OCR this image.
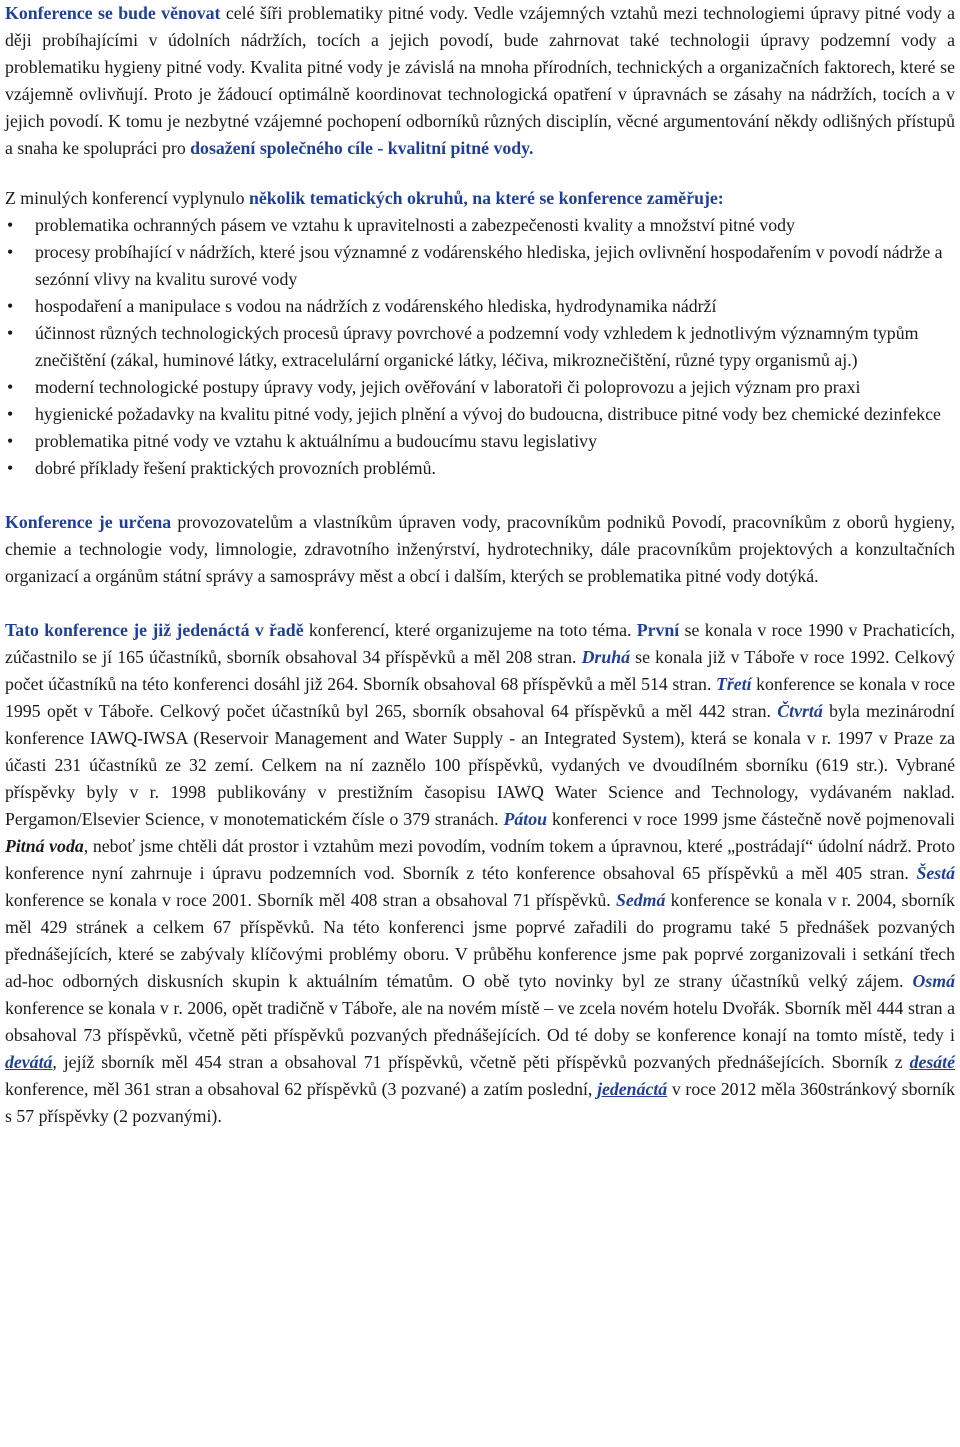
Konference se bude věnovat celé šíři problematiky pitné vody. Vedle vzájemných vztahů mezi technologiemi úpravy pitné vody a ději probíhajícími v údolních nádržích, tocích a jejich povodí, bude zahrnovat také technologii úpravy podzemní vody a problematiku hygieny pitné vody. Kvalita pitné vody je závislá na mnoha přírodních, technických a organizačních faktorech, které se vzájemně ovlivňují. Proto je žádoucí optimálně koordinovat technologická opatření v úpravnách se zásahy na nádržích, tocích a v jejich povodí. K tomu je nezbytné vzájemné pochopení odborníků různých disciplín, věcné argumentování někdy odlišných přístupů a snaha ke spolupráci pro dosažení společného cíle - kvalitní pitné vody.

Z minulých konferencí vyplynulo několik tematických okruhů, na které se konference zaměřuje:

•	problematika ochranných pásem ve vztahu k upravitelnosti a zabezpečenosti kvality a množství pitné vody
•	procesy probíhající v nádržích, které jsou významné z vodárenského hlediska, jejich ovlivnění hospodařením v povodí nádrže a sezónní vlivy na kvalitu surové vody
•	hospodaření a manipulace s vodou na nádržích z vodárenského hlediska, hydrodynamika nádrží
•	účinnost různých technologických procesů úpravy povrchové a podzemní vody vzhledem k jednotlivým významným typům znečištění (zákal, huminové látky, extracelulární organické látky, léčiva, mikroznečištění, různé typy organismů aj.)
•	moderní technologické postupy úpravy vody, jejich ověřování v laboratoři či poloprovozu a jejich význam pro praxi
•	hygienické požadavky na kvalitu pitné vody, jejich plnění a vývoj do budoucna, distribuce pitné vody bez chemické dezinfekce
•	problematika pitné vody ve vztahu k aktuálnímu a budoucímu stavu legislativy
•	dobré příklady řešení praktických provozních problémů.

Konference je určena provozovatelům a vlastníkům úpraven vody, pracovníkům podniků Povodí, pracovníkům z oborů hygieny, chemie a technologie vody, limnologie, zdravotního inženýrství, hydrotechniky, dále pracovníkům projektových a konzultačních organizací a orgánům státní správy a samosprávy měst a obcí i dalším, kterých se problematika pitné vody dotýká.

Tato konference je již jedenáctá v řadě konferencí, které organizujeme na toto téma. První se konala v roce 1990 v Prachaticích, zúčastnilo se jí 165 účastníků, sborník obsahoval 34 příspěvků a měl 208 stran. Druhá se konala již v Táboře v roce 1992. Celkový počet účastníků na této konferenci dosáhl již 264. Sborník obsahoval 68 příspěvků a měl 514 stran. Třetí konference se konala v roce 1995 opět v Táboře. Celkový počet účastníků byl 265, sborník obsahoval 64 příspěvků a měl 442 stran. Čtvrtá byla mezinárodní konference IAWQ-IWSA (Reservoir Management and Water Supply - an Integrated System), která se konala v r. 1997 v Praze za účasti 231 účastníků ze 32 zemí. Celkem na ní zaznělo 100 příspěvků, vydaných ve dvoudílném sborníku (619 str.). Vybrané příspěvky byly v r. 1998 publikovány v prestižním časopisu IAWQ Water Science and Technology, vydávaném naklad. Pergamon/Elsevier Science, v monotematickém čísle o 379 stranách. Pátou konferenci v roce 1999 jsme částečně nově pojmenovali Pitná voda, neboť jsme chtěli dát prostor i vztahům mezi povodím, vodním tokem a úpravnou, které „postrádají“ údolní nádrž. Proto konference nyní zahrnuje i úpravu podzemních vod. Sborník z této konference obsahoval 65 příspěvků a měl 405 stran. Šestá konference se konala v roce 2001. Sborník měl 408 stran a obsahoval 71 příspěvků. Sedmá konference se konala v r. 2004, sborník měl 429 stránek a celkem 67 příspěvků. Na této konferenci jsme poprvé zařadili do programu také 5 přednášek pozvaných přednášejících, které se zabývaly klíčovými problémy oboru. V průběhu konference jsme pak poprvé zorganizovali i setkání třech ad-hoc odborných diskusních skupin k aktuálním tématům. O obě tyto novinky byl ze strany účastníků velký zájem. Osmá konference se konala v r. 2006, opět tradičně v Táboře, ale na novém místě – ve zcela novém hotelu Dvořák. Sborník měl 444 stran a obsahoval 73 příspěvků, včetně pěti příspěvků pozvaných přednášejících. Od té doby se konference konají na tomto místě, tedy i devátá, jejíž sborník měl 454 stran a obsahoval 71 příspěvků, včetně pěti příspěvků pozvaných přednášejících. Sborník z desáté konference, měl 361 stran a obsahoval 62 příspěvků (3 pozvané) a zatím poslední, jedenáctá v roce 2012 měla 360stránkový sborník s 57 příspěvky (2 pozvanými).
